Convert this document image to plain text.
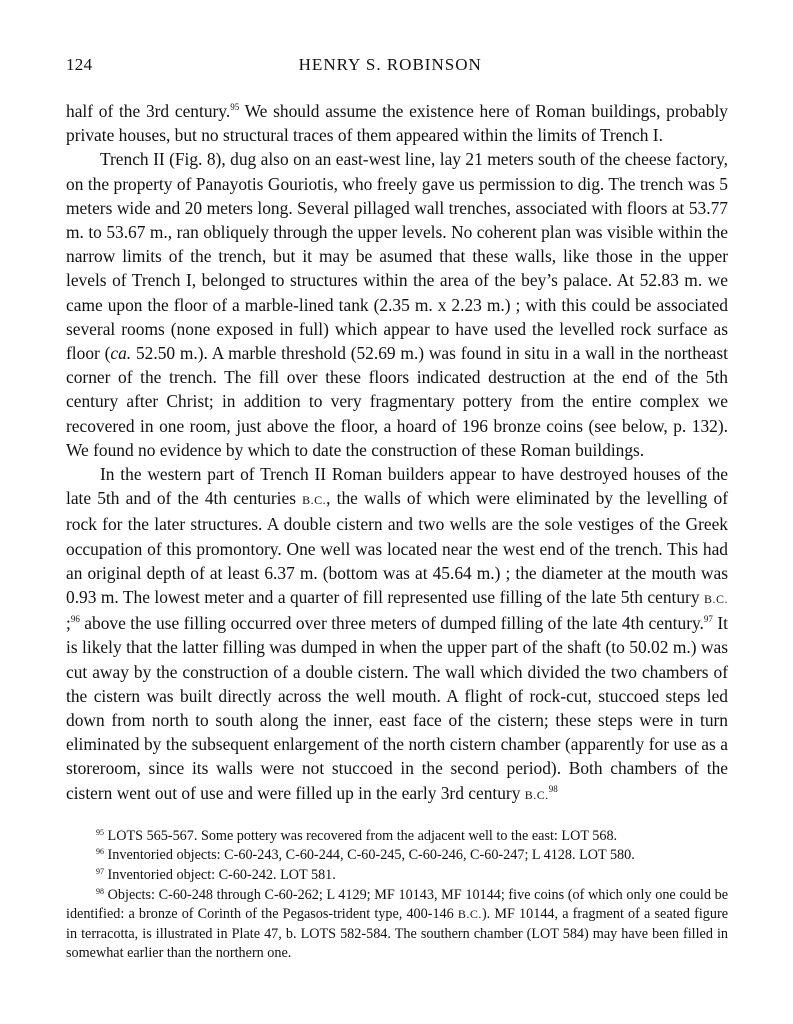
124	HENRY S. ROBINSON

half of the 3rd century.$^{95}$ We should assume the existence here of Roman buildings, probably private houses, but no structural traces of them appeared within the limits of Trench I.

Trench II (Fig. 8), dug also on an east-west line, lay 21 meters south of the cheese factory, on the property of Panayotis Gouriotis, who freely gave us permission to dig. The trench was 5 meters wide and 20 meters long. Several pillaged wall trenches, associated with floors at 53.77 m. to 53.67 m., ran obliquely through the upper levels. No coherent plan was visible within the narrow limits of the trench, but it may be asumed that these walls, like those in the upper levels of Trench I, belonged to structures within the area of the bey’s palace. At 52.83 m. we came upon the floor of a marble-lined tank (2.35 m. x 2.23 m.) ; with this could be associated several rooms (none exposed in full) which appear to have used the levelled rock surface as floor (ca. 52.50 m.). A marble threshold (52.69 m.) was found in situ in a wall in the northeast corner of the trench. The fill over these floors indicated destruction at the end of the 5th century after Christ; in addition to very fragmentary pottery from the entire complex we recovered in one room, just above the floor, a hoard of 196 bronze coins (see below, p. 132). We found no evidence by which to date the construction of these Roman buildings.

In the western part of Trench II Roman builders appear to have destroyed houses of the late 5th and of the 4th centuries B.C., the walls of which were eliminated by the levelling of rock for the later structures. A double cistern and two wells are the sole vestiges of the Greek occupation of this promontory. One well was located near the west end of the trench. This had an original depth of at least 6.37 m. (bottom was at 45.64 m.) ; the diameter at the mouth was 0.93 m. The lowest meter and a quarter of fill represented use filling of the late 5th century B.C. ;$^{96}$ above the use filling occurred over three meters of dumped filling of the late 4th century.$^{97}$ It is likely that the latter filling was dumped in when the upper part of the shaft (to 50.02 m.) was cut away by the construction of a double cistern. The wall which divided the two chambers of the cistern was built directly across the well mouth. A flight of rock-cut, stuccoed steps led down from north to south along the inner, east face of the cistern; these steps were in turn eliminated by the subsequent enlargement of the north cistern chamber (apparently for use as a storeroom, since its walls were not stuccoed in the second period). Both chambers of the cistern went out of use and were filled up in the early 3rd century B.C.$^{98}$

$^{95}$ LOTS 565-567. Some pottery was recovered from the adjacent well to the east: LOT 568.

$^{96}$ Inventoried objects: C-60-243, C-60-244, C-60-245, C-60-246, C-60-247; L 4128. LOT 580.

$^{97}$ Inventoried object: C-60-242. LOT 581.

$^{98}$ Objects: C-60-248 through C-60-262; L 4129; MF 10143, MF 10144; five coins (of which only one could be identified: a bronze of Corinth of the Pegasos-trident type, 400-146 B.C.). MF 10144, a fragment of a seated figure in terracotta, is illustrated in Plate 47, b. LOTS 582-584. The southern chamber (LOT 584) may have been filled in somewhat earlier than the northern one.
